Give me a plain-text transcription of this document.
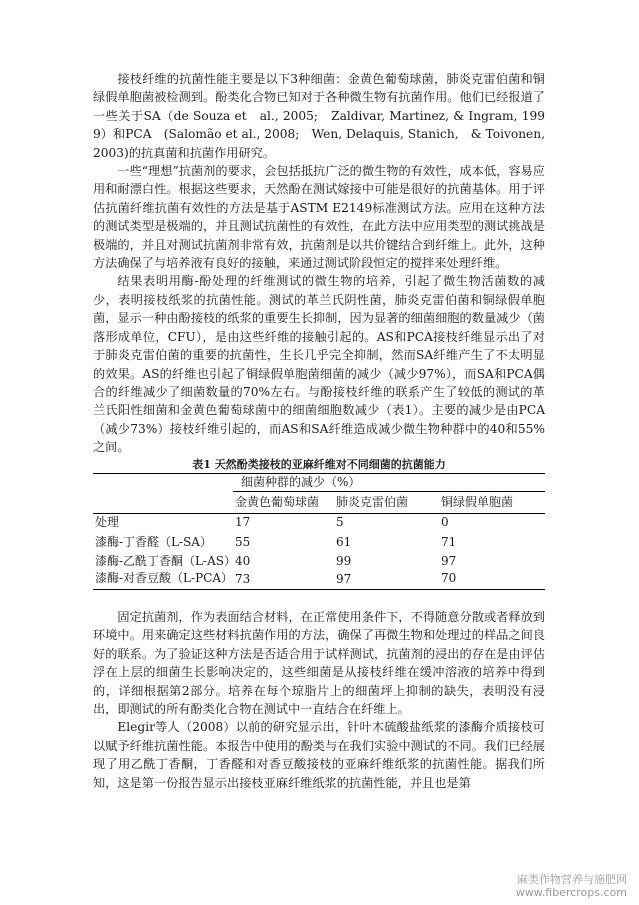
接枝纤维的抗菌性能主要是以下3种细菌：金黄色葡萄球菌，肺炎克雷伯菌和铜绿假单胞菌被检测到。酚类化合物已知对于各种微生物有抗菌作用。他们已经报道了一些关于SA（de Souza et　al., 2005;　Zaldivar, Martinez, & Ingram, 1999）和PCA　(Salomão et al., 2008;　Wen, Delaquis, Stanich,　& Toivonen,　2003)的抗真菌和抗菌作用研究。

一些“理想”抗菌剂的要求，会包括抵抗广泛的微生物的有效性，成本低，容易应用和耐漂白性。根据这些要求，天然酚在测试嫁接中可能是很好的抗菌基体。用于评估抗菌纤维抗菌有效性的方法是基于ASTM E2149标准测试方法。应用在这种方法的测试类型是极端的，并且测试抗菌性的有效性，在此方法中应用类型的测试挑战是极端的，并且对测试抗菌剂非常有效，抗菌剂是以共价键结合到纤维上。此外，这种方法确保了与培养液有良好的接触，来通过测试阶段恒定的搅拌来处理纤维。

结果表明用酶-酚处理的纤维测试的微生物的培养，引起了微生物活菌数的减少，表明接枝纸浆的抗菌性能。测试的革兰氏阴性菌，肺炎克雷伯菌和铜绿假单胞菌，显示一种由酚接枝的纸浆的重要生长抑制，因为显著的细菌细胞的数量减少（菌落形成单位，CFU），是由这些纤维的接触引起的。AS和PCA接枝纤维显示出了对于肺炎克雷伯菌的重要的抗菌性，生长几乎完全抑制，然而SA纤维产生了不太明显的效果。AS的纤维也引起了铜绿假单胞菌细菌的减少（减少97%），而SA和PCA偶合的纤维减少了细菌数量的70%左右。与酚接枝纤维的联系产生了较低的测试的革兰氏阳性细菌和金黄色葡萄球菌中的细菌细胞数减少（表1）。主要的减少是由PCA（减少73%）接枝纤维引起的，而AS和SA纤维造成减少微生物种群中的40和55%之间。

表1 天然酚类接枝的亚麻纤维对不同细菌的抗菌能力

	细菌种群的减少（%）		
	金黄色葡萄球菌	肺炎克雷伯菌	铜绿假单胞菌
处理	17	5	0
漆酶-丁香醛（L-SA）	55	61	71
漆酶-乙酰丁香酮（L-AS）	40	99	97
漆酶-对香豆酸（L-PCA）	73	97	70

固定抗菌剂，作为表面结合材料，在正常使用条件下，不得随意分散或者释放到环境中。用来确定这些材料抗菌作用的方法，确保了再微生物和处理过的样品之间良好的联系。为了验证这种方法是否适合用于试样测试，抗菌剂的浸出的存在是由评估浮在上层的细菌生长影响决定的，这些细菌是从接枝纤维在缓冲溶液的培养中得到的，详细根据第2部分。培养在每个琼脂片上的细菌坪上抑制的缺失，表明没有浸出，即测试的所有酚类化合物在测试中一直结合在纤维上。

Elegir等人（2008）以前的研究显示出，针叶木硫酸盐纸浆的漆酶介质接枝可以赋予纤维抗菌性能。本报告中使用的酚类与在我们实验中测试的不同。我们已经展现了用乙酰丁香酮，丁香醛和对香豆酸接枝的亚麻纤维纸浆的抗菌性能。据我们所知，这是第一份报告显示出接枝亚麻纤维纸浆的抗菌性能，并且也是第

麻类作物营养与施肥网
www.fibercrops.com
